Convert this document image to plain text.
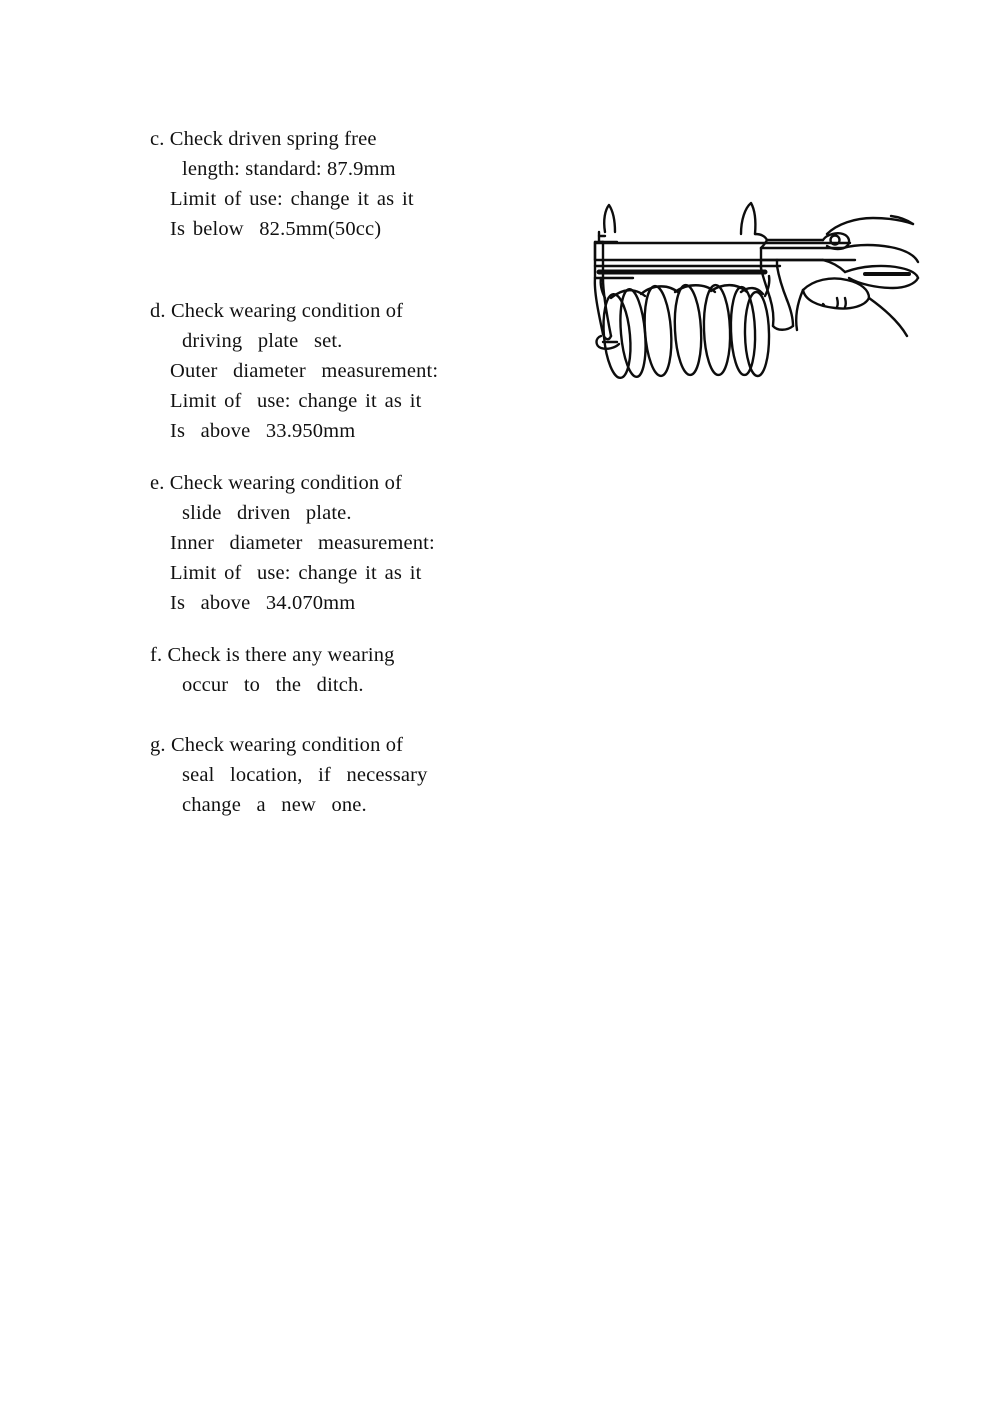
c. Check driven spring free
length: standard: 87.9mm
Limit of use: change it as it
Is below  82.5mm(50cc)
d. Check wearing condition of
driving  plate  set.
Outer  diameter  measurement:
Limit of  use: change it as it
Is  above  33.950mm
e. Check wearing condition of
slide  driven  plate.
Inner  diameter  measurement:
Limit of  use: change it as it
Is  above  34.070mm
f. Check is there any wearing
occur  to  the  ditch.
g. Check wearing condition of
seal  location,  if  necessary
change  a  new  one.
